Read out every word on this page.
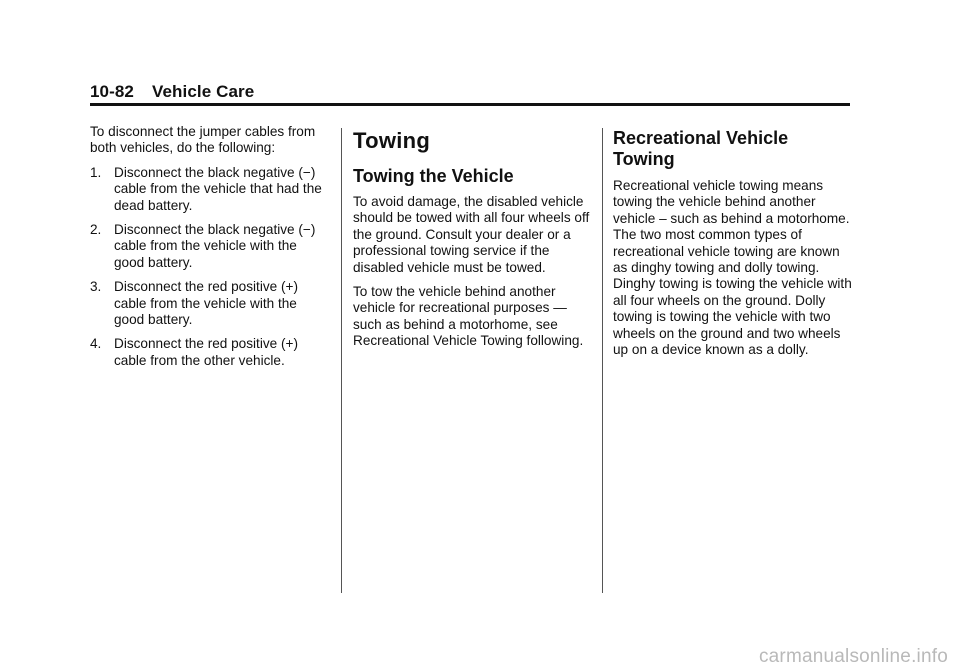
10-82 Vehicle Care

To disconnect the jumper cables from both vehicles, do the following:

1. Disconnect the black negative (−) cable from the vehicle that had the dead battery.
2. Disconnect the black negative (−) cable from the vehicle with the good battery.
3. Disconnect the red positive (+) cable from the vehicle with the good battery.
4. Disconnect the red positive (+) cable from the other vehicle.
Towing
Towing the Vehicle

To avoid damage, the disabled vehicle should be towed with all four wheels off the ground. Consult your dealer or a professional towing service if the disabled vehicle must be towed.

To tow the vehicle behind another vehicle for recreational purposes — such as behind a motorhome, see Recreational Vehicle Towing following.

Recreational Vehicle Towing

Recreational vehicle towing means towing the vehicle behind another vehicle – such as behind a motorhome. The two most common types of recreational vehicle towing are known as dinghy towing and dolly towing. Dinghy towing is towing the vehicle with all four wheels on the ground. Dolly towing is towing the vehicle with two wheels on the ground and two wheels up on a device known as a dolly.

carmanualsonline.info
